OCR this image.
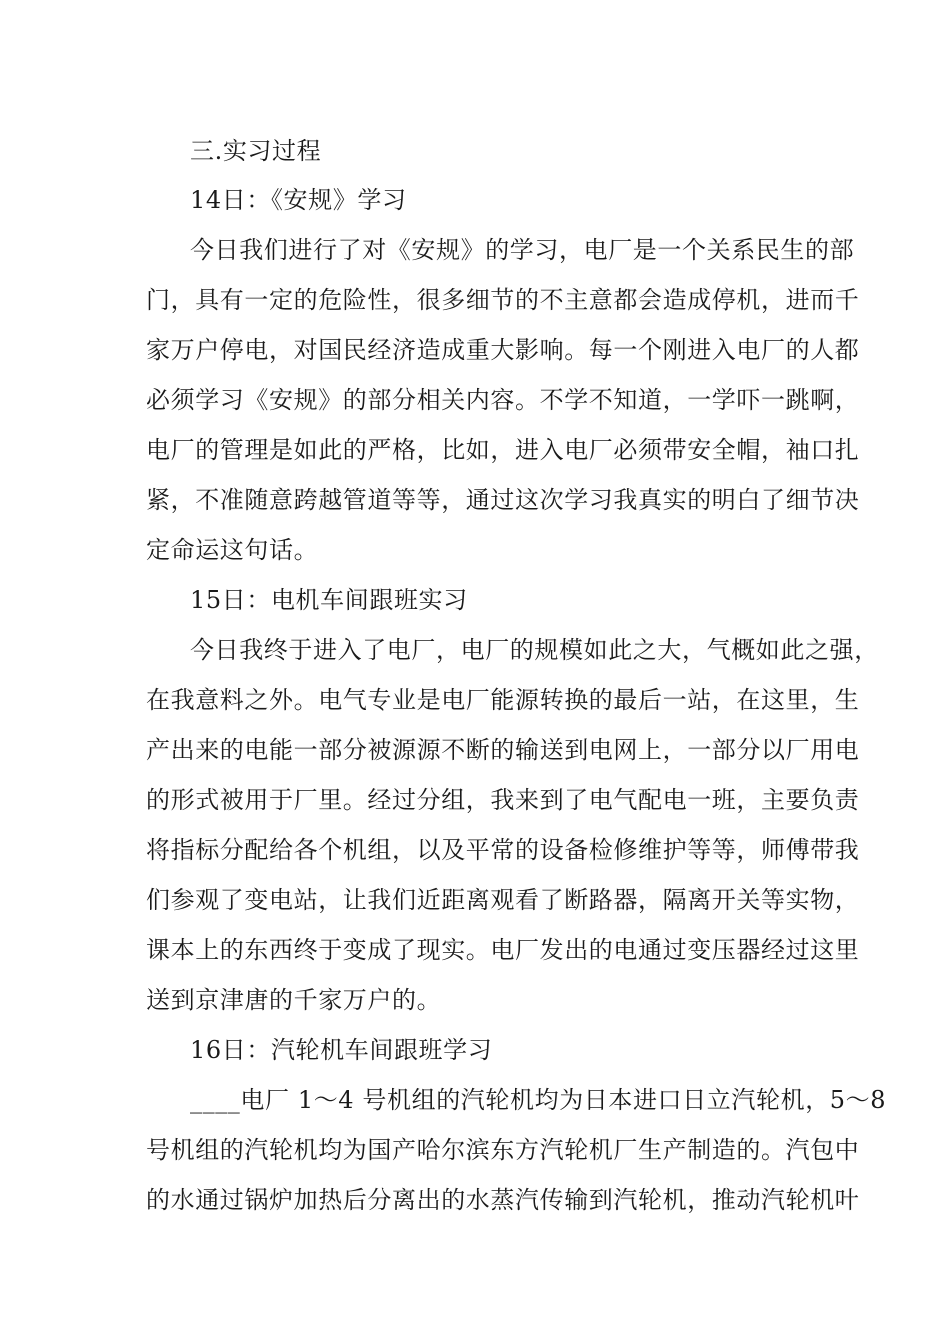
三.实习过程
14日：《安规》学习
今日我们进行了对《安规》的学习，电厂是一个关系民生的部
门，具有一定的危险性，很多细节的不主意都会造成停机，进而千
家万户停电，对国民经济造成重大影响。每一个刚进入电厂的人都
必须学习《安规》的部分相关内容。不学不知道，一学吓一跳啊，
电厂的管理是如此的严格，比如，进入电厂必须带安全帽，袖口扎
紧，不准随意跨越管道等等，通过这次学习我真实的明白了细节决
定命运这句话。
15日：电机车间跟班实习
今日我终于进入了电厂，电厂的规模如此之大，气概如此之强，
在我意料之外。电气专业是电厂能源转换的最后一站，在这里，生
产出来的电能一部分被源源不断的输送到电网上，一部分以厂用电
的形式被用于厂里。经过分组，我来到了电气配电一班，主要负责
将指标分配给各个机组，以及平常的设备检修维护等等，师傅带我
们参观了变电站，让我们近距离观看了断路器，隔离开关等实物，
课本上的东西终于变成了现实。电厂发出的电通过变压器经过这里
送到京津唐的千家万户的。
16日：汽轮机车间跟班学习
____电厂 1～4 号机组的汽轮机均为日本进口日立汽轮机，5～8
号机组的汽轮机均为国产哈尔滨东方汽轮机厂生产制造的。汽包中
的水通过锅炉加热后分离出的水蒸汽传输到汽轮机，推动汽轮机叶
